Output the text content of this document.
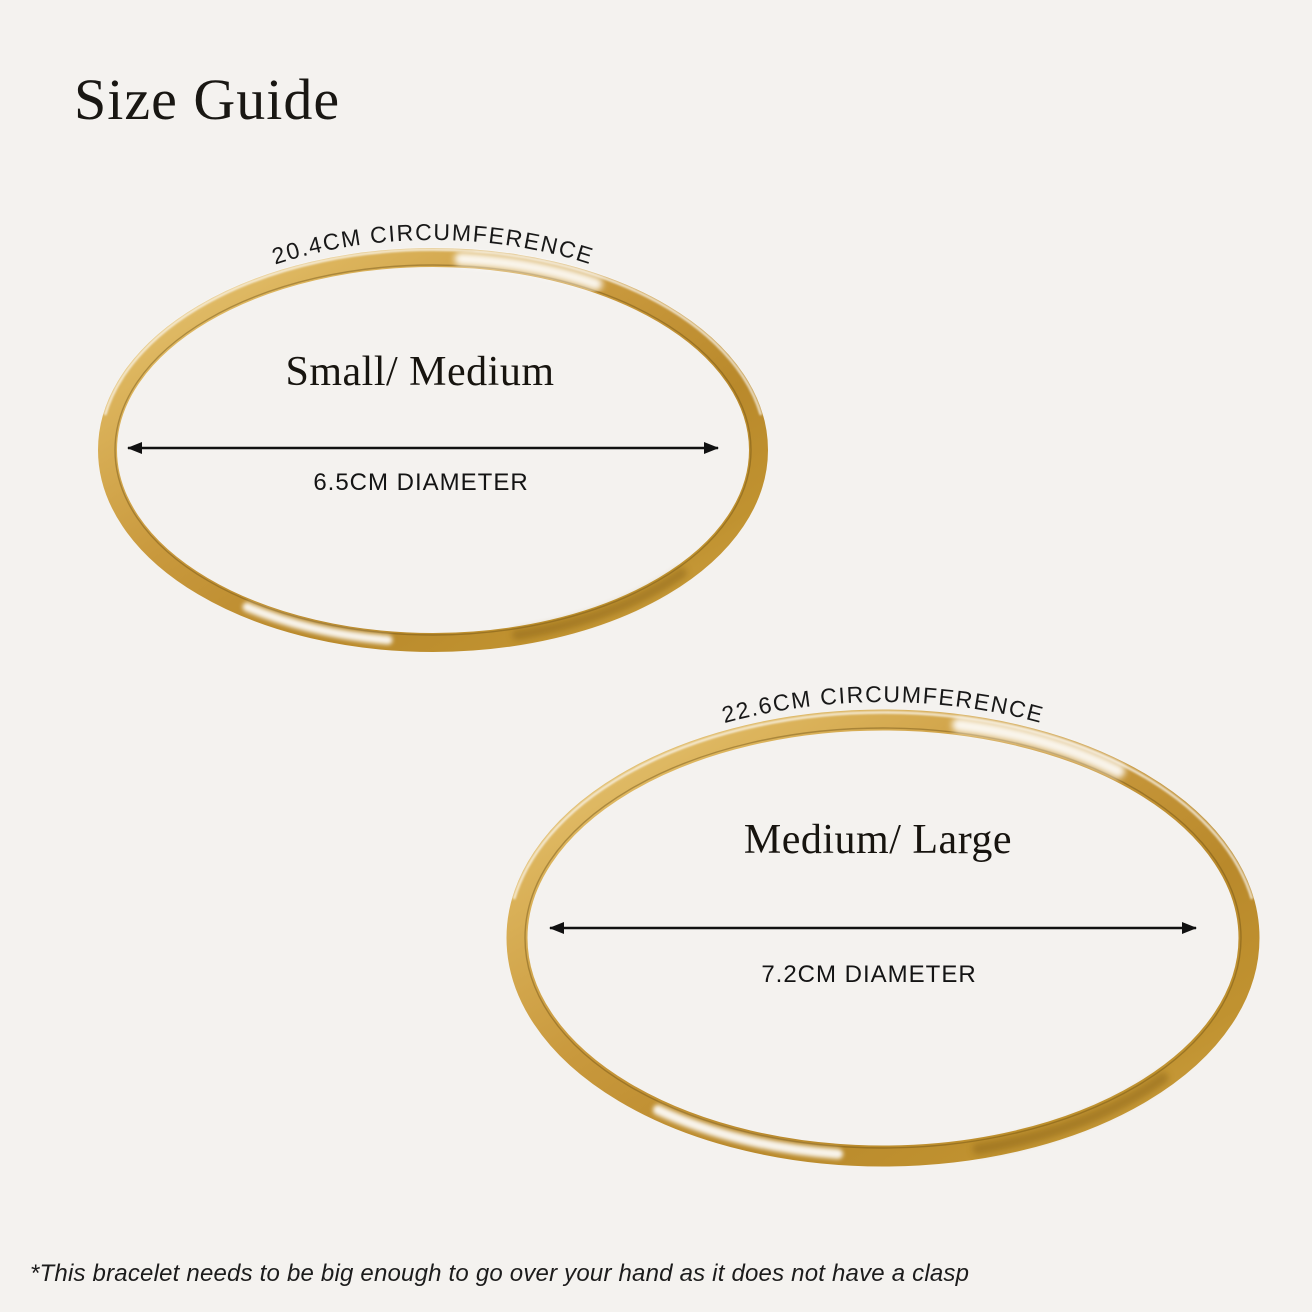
Size Guide
20.4CM CIRCUMFERENCE
Small/ Medium
6.5CM DIAMETER
22.6CM CIRCUMFERENCE
Medium/ Large
7.2CM DIAMETER
*This bracelet needs to be big enough to go over your hand as it does not have a clasp
